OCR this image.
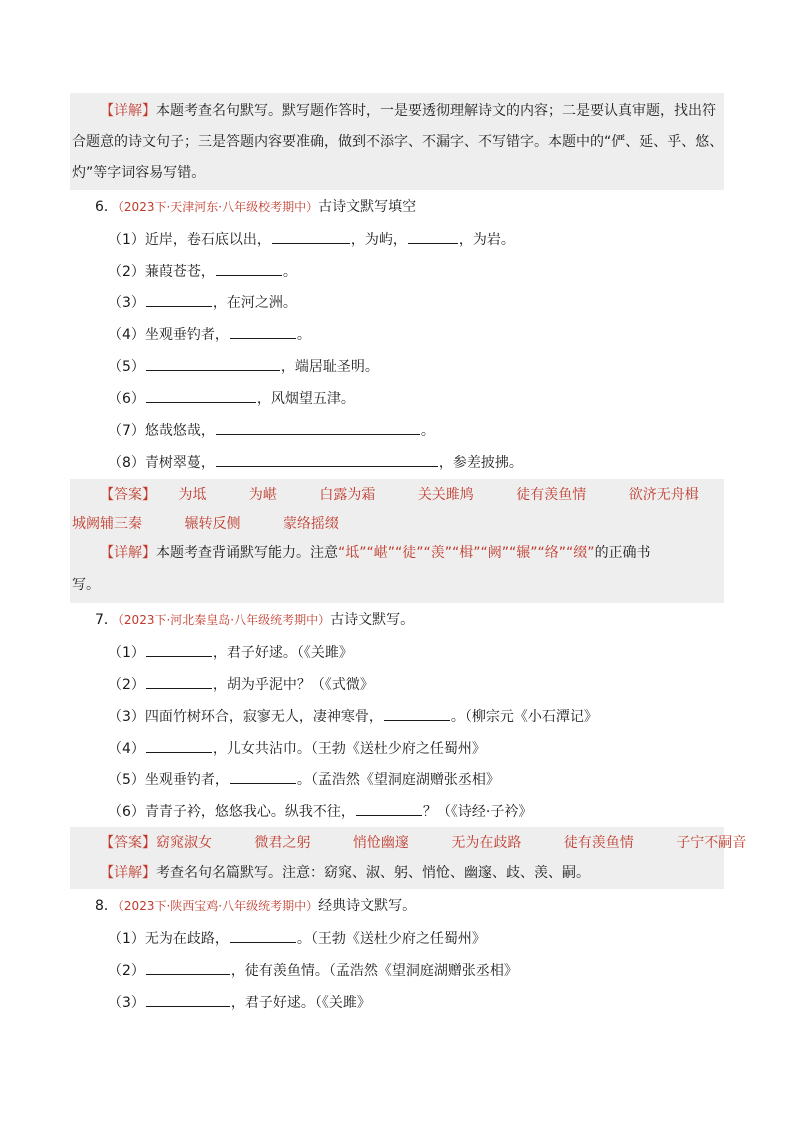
【详解】本题考查名句默写。默写题作答时，一是要透彻理解诗文的内容；二是要认真审题，找出符
合题意的诗文句子；三是答题内容要准确，做到不添字、不漏字、不写错字。本题中的“俨、延、乎、悠、
灼”等字词容易写错。
6．（2023下·天津河东·八年级校考期中）古诗文默写填空
（1）近岸，卷石底以出，	，为屿，	，为岩。
（2）蒹葭苍苍，	。
（3）	，在河之洲。
（4）坐观垂钓者，	。
（5）	，端居耻圣明。
（6）	，风烟望五津。
（7）悠哉悠哉，	。
（8）青树翠蔓，	，参差披拂。
【答案】 为坻	为嵁	白露为霜	关关雎鸠	徒有羡鱼情	欲济无舟楫
城阙辅三秦	辗转反侧	蒙络摇缀
【详解】本题考查背诵默写能力。注意“坻”“嵁”“徒”“羡”“楫”“阙”“辗”“络”“缀”的正确书
写。
7．（2023下·河北秦皇岛·八年级统考期中）古诗文默写。
（1）	，君子好逑。（《关雎》
（2）	，胡为乎泥中？（《式微》
（3）四面竹树环合，寂寥无人，凄神寒骨，	。（柳宗元《小石潭记》
（4）	，儿女共沾巾。（王勃《送杜少府之任蜀州》
（5）坐观垂钓者，	。（孟浩然《望洞庭湖赠张丞相》
（6）青青子衿，悠悠我心。纵我不往，	？（《诗经·子衿》
【答案】窈窕淑女	微君之躬	悄怆幽邃	无为在歧路	徒有羡鱼情	子宁不嗣音
【详解】考查名句名篇默写。注意：窈窕、淑、躬、悄怆、幽邃、歧、羡、嗣。
8．（2023下·陕西宝鸡·八年级统考期中）经典诗文默写。
（1）无为在歧路，	。（王勃《送杜少府之任蜀州》
（2）	，徒有羡鱼情。（孟浩然《望洞庭湖赠张丞相》
（3）	，君子好逑。（《关雎》
